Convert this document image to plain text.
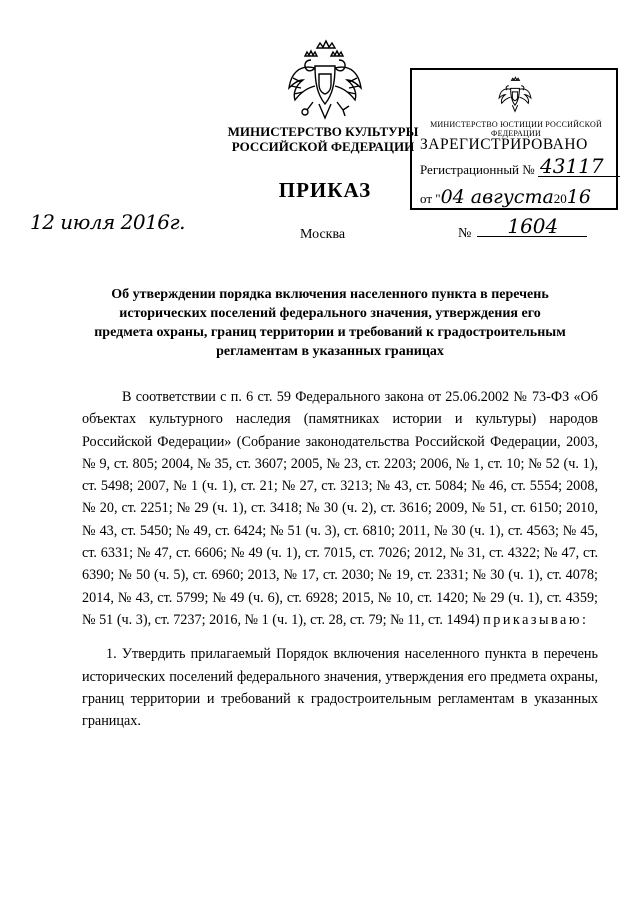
МИНИСТЕРСТВО КУЛЬТУРЫ
РОССИЙСКОЙ ФЕДЕРАЦИИ
ПРИКАЗ
12 июля 2016г.
Москва	№ 1604
МИНИСТЕРСТВО ЮСТИЦИИ РОССИЙСКОЙ ФЕДЕРАЦИИ
ЗАРЕГИСТРИРОВАНО
Регистрационный № 43117
от "04 августа2016
Об утверждении порядка включения населенного пункта в перечень исторических поселений федерального значения, утверждения его предмета охраны, границ территории и требований к градостроительным регламентам в указанных границах

В соответствии с п. 6 ст. 59 Федерального закона от 25.06.2002 № 73-ФЗ «Об объектах культурного наследия (памятниках истории и культуры) народов Российской Федерации» (Собрание законодательства Российской Федерации, 2003, № 9, ст. 805; 2004, № 35, ст. 3607; 2005, № 23, ст. 2203; 2006, № 1, ст. 10; № 52 (ч. 1), ст. 5498; 2007, № 1 (ч. 1), ст. 21; № 27, ст. 3213; № 43, ст. 5084; № 46, ст. 5554; 2008, № 20, ст. 2251; № 29 (ч. 1), ст. 3418; № 30 (ч. 2), ст. 3616; 2009, № 51, ст. 6150; 2010, № 43, ст. 5450; № 49, ст. 6424; № 51 (ч. 3), ст. 6810; 2011, № 30 (ч. 1), ст. 4563; № 45, ст. 6331; № 47, ст. 6606; № 49 (ч. 1), ст. 7015, ст. 7026; 2012, № 31, ст. 4322; № 47, ст. 6390; № 50 (ч. 5), ст. 6960; 2013, № 17, ст. 2030; № 19, ст. 2331; № 30 (ч. 1), ст. 4078; 2014, № 43, ст. 5799; № 49 (ч. 6), ст. 6928; 2015, № 10, ст. 1420; № 29 (ч. 1), ст. 4359; № 51 (ч. 3), ст. 7237; 2016, № 1 (ч. 1), ст. 28, ст. 79; № 11, ст. 1494) приказываю:

1. Утвердить прилагаемый Порядок включения населенного пункта в перечень исторических поселений федерального значения, утверждения его предмета охраны, границ территории и требований к градостроительным регламентам в указанных границах.
